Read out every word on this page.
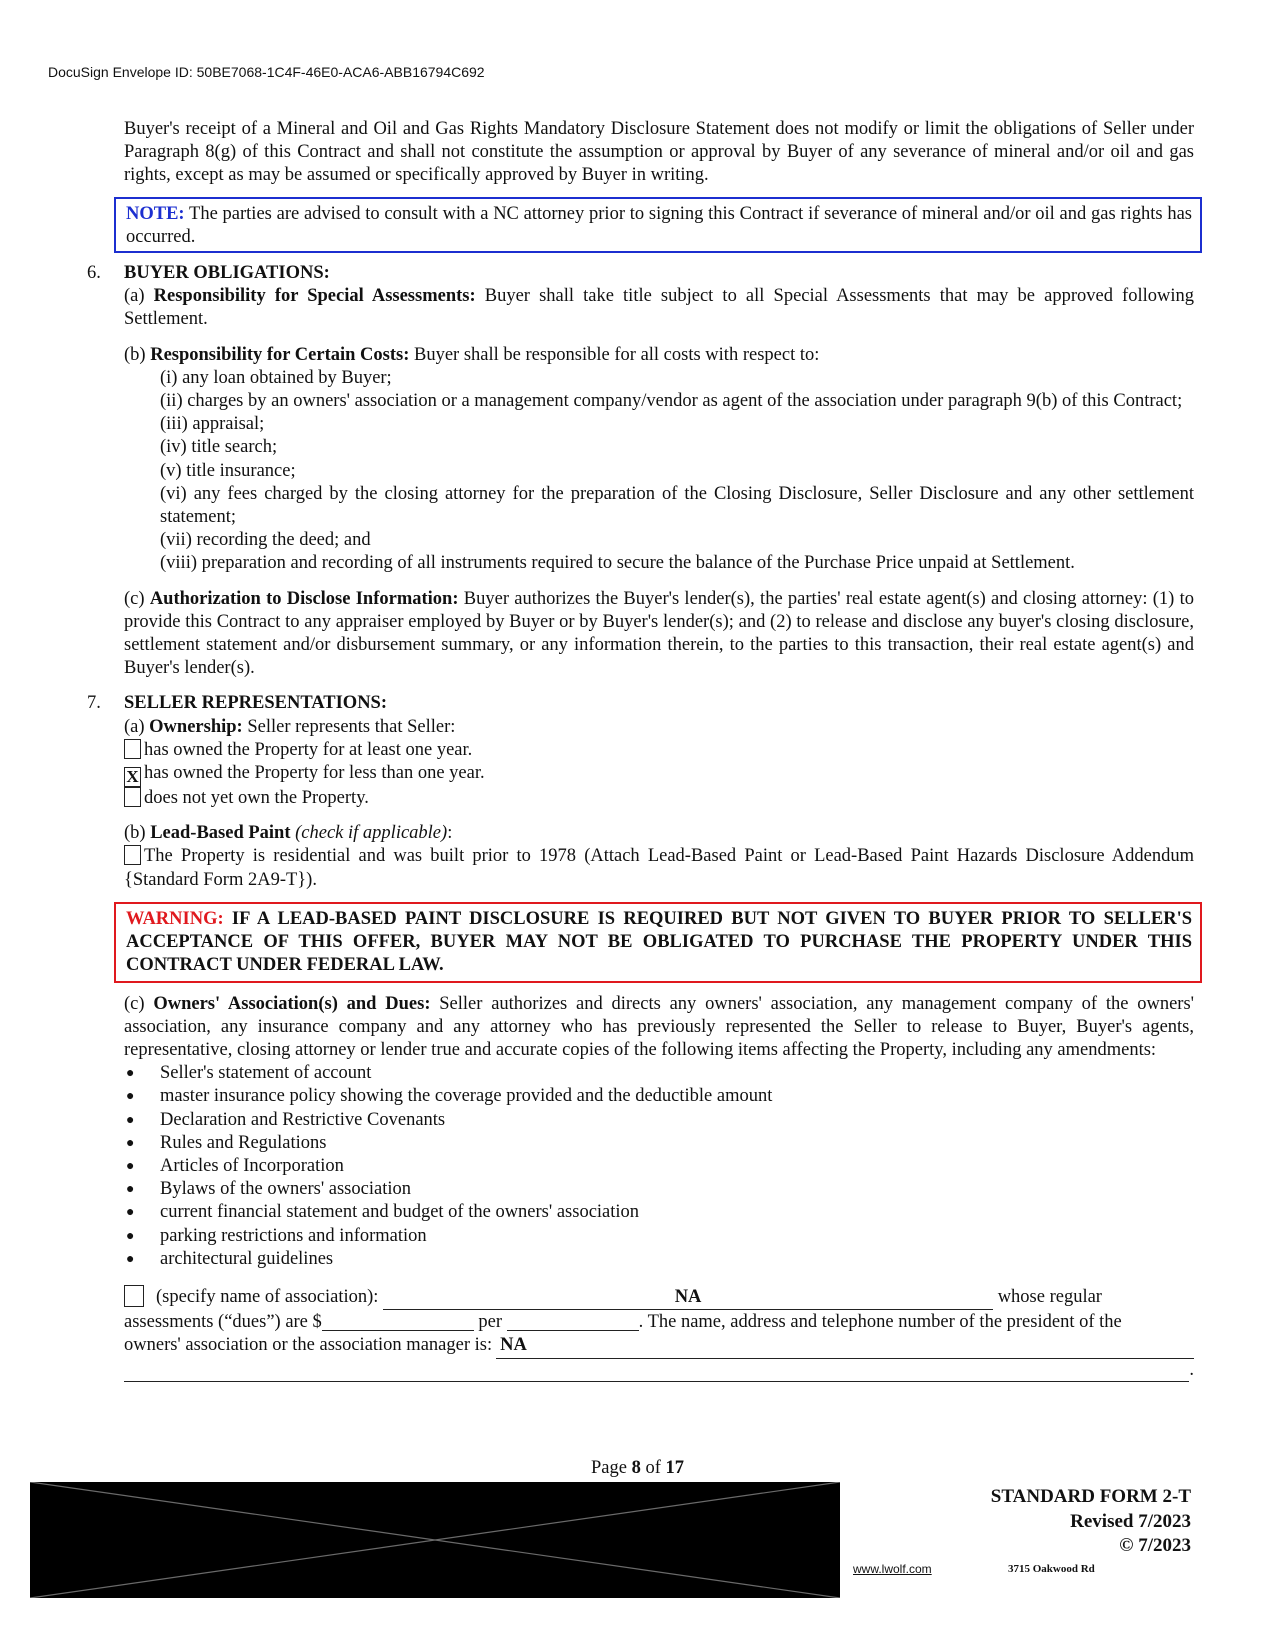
DocuSign Envelope ID: 50BE7068-1C4F-46E0-ACA6-ABB16794C692

Buyer's receipt of a Mineral and Oil and Gas Rights Mandatory Disclosure Statement does not modify or limit the obligations of Seller under Paragraph 8(g) of this Contract and shall not constitute the assumption or approval by Buyer of any severance of mineral and/or oil and gas rights, except as may be assumed or specifically approved by Buyer in writing.

NOTE: The parties are advised to consult with a NC attorney prior to signing this Contract if severance of mineral and/or oil and gas rights has occurred.

6. BUYER OBLIGATIONS:

(a) Responsibility for Special Assessments: Buyer shall take title subject to all Special Assessments that may be approved following Settlement.

(b) Responsibility for Certain Costs: Buyer shall be responsible for all costs with respect to:

(i) any loan obtained by Buyer;

(ii) charges by an owners' association or a management company/vendor as agent of the association under paragraph 9(b) of this Contract;

(iii) appraisal;

(iv) title search;

(v) title insurance;

(vi) any fees charged by the closing attorney for the preparation of the Closing Disclosure, Seller Disclosure and any other settlement statement;

(vii) recording the deed; and

(viii) preparation and recording of all instruments required to secure the balance of the Purchase Price unpaid at Settlement.

(c) Authorization to Disclose Information: Buyer authorizes the Buyer's lender(s), the parties' real estate agent(s) and closing attorney: (1) to provide this Contract to any appraiser employed by Buyer or by Buyer's lender(s); and (2) to release and disclose any buyer's closing disclosure, settlement statement and/or disbursement summary, or any information therein, to the parties to this transaction, their real estate agent(s) and Buyer's lender(s).

7. SELLER REPRESENTATIONS:

(a) Ownership: Seller represents that Seller:

has owned the Property for at least one year.
X has owned the Property for less than one year.
does not yet own the Property.

(b) Lead-Based Paint (check if applicable):

The Property is residential and was built prior to 1978 (Attach Lead-Based Paint or Lead-Based Paint Hazards Disclosure Addendum {Standard Form 2A9-T}).

WARNING: IF A LEAD-BASED PAINT DISCLOSURE IS REQUIRED BUT NOT GIVEN TO BUYER PRIOR TO SELLER'S ACCEPTANCE OF THIS OFFER, BUYER MAY NOT BE OBLIGATED TO PURCHASE THE PROPERTY UNDER THIS CONTRACT UNDER FEDERAL LAW.

(c) Owners' Association(s) and Dues: Seller authorizes and directs any owners' association, any management company of the owners' association, any insurance company and any attorney who has previously represented the Seller to release to Buyer, Buyer's agents, representative, closing attorney or lender true and accurate copies of the following items affecting the Property, including any amendments:

● Seller's statement of account
● master insurance policy showing the coverage provided and the deductible amount
● Declaration and Restrictive Covenants
● Rules and Regulations
● Articles of Incorporation
● Bylaws of the owners' association
● current financial statement and budget of the owners' association
● parking restrictions and information
● architectural guidelines
(specify name of association):	NA	whose regular
assessments (“dues”) are $	per	. The name, address and telephone number of the president of the
owners' association or the association manager is: NA
.
Page 8 of 17
www.lwolf.com
STANDARD FORM 2-T
Revised 7/2023
© 7/2023
3715 Oakwood Rd
